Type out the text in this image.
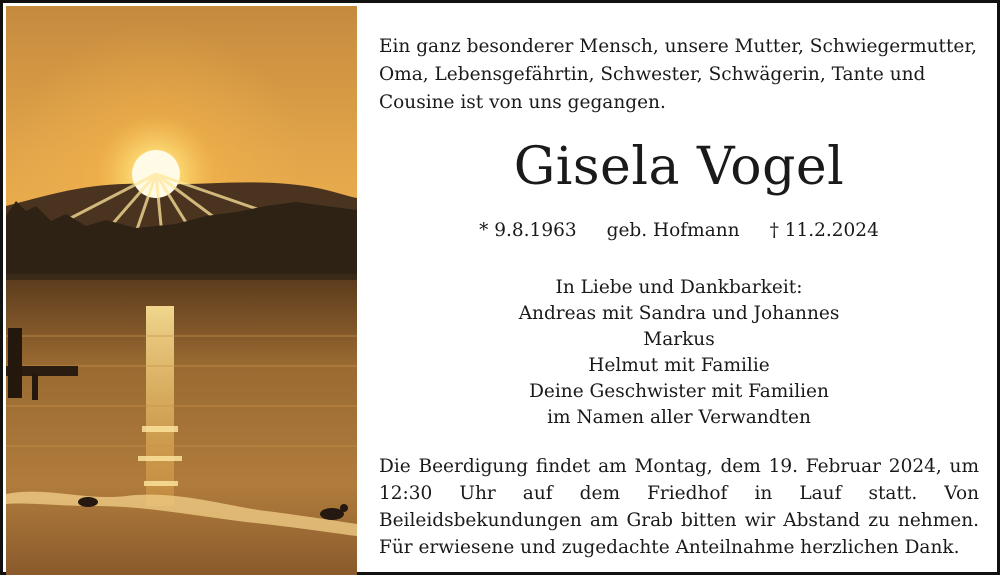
Ein ganz besonderer Mensch, unsere Mutter, Schwiegermutter, Oma, Lebensgefährtin, Schwester, Schwägerin, Tante und Cousine ist von uns gegangen.

Gisela Vogel
* 9.8.1963 geb. Hofmann † 11.2.2024
In Liebe und Dankbarkeit:
Andreas mit Sandra und Johannes
Markus
Helmut mit Familie
Deine Geschwister mit Familien
im Namen aller Verwandten

Die Beerdigung findet am Montag, dem 19. Februar 2024, um 12:30 Uhr auf dem Friedhof in Lauf statt. Von Beileidsbekundungen am Grab bitten wir Abstand zu nehmen. Für erwiesene und zugedachte Anteilnahme herzlichen Dank.
